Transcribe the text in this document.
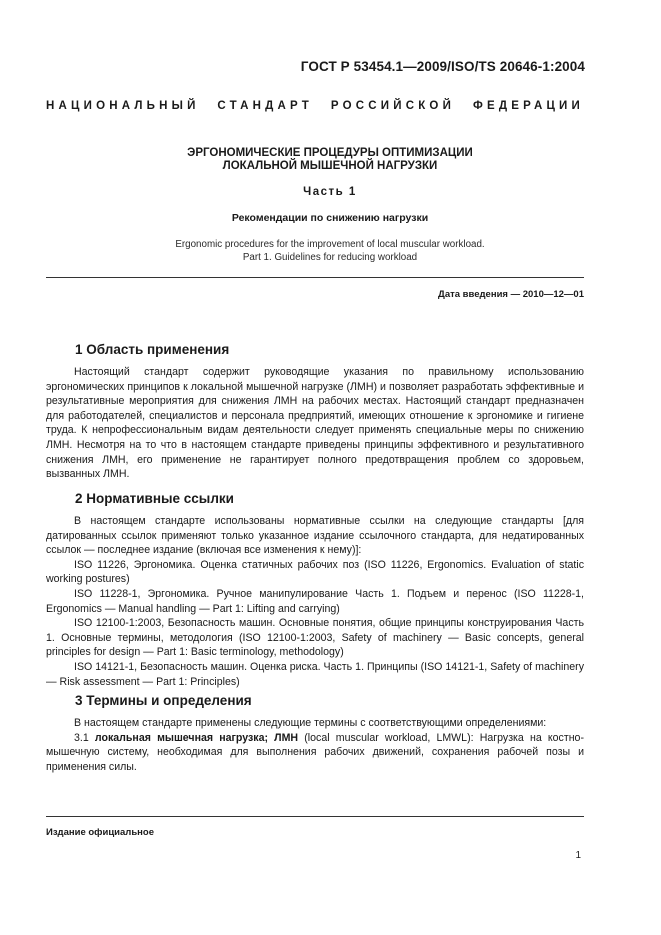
ГОСТ Р 53454.1—2009/ISO/TS 20646-1:2004
НАЦИОНАЛЬНЫЙ СТАНДАРТ РОССИЙСКОЙ ФЕДЕРАЦИИ
ЭРГОНОМИЧЕСКИЕ ПРОЦЕДУРЫ ОПТИМИЗАЦИИ
ЛОКАЛЬНОЙ МЫШЕЧНОЙ НАГРУЗКИ
Часть 1
Рекомендации по снижению нагрузки
Ergonomic procedures for the improvement of local muscular workload.
Part 1. Guidelines for reducing workload
Дата введения — 2010—12—01
1 Область применения

Настоящий стандарт содержит руководящие указания по правильному использованию эргономических принципов к локальной мышечной нагрузке (ЛМН) и позволяет разработать эффективные и результативные мероприятия для снижения ЛМН на рабочих местах. Настоящий стандарт предназначен для работодателей, специалистов и персонала предприятий, имеющих отношение к эргономике и гигиене труда. К непрофессиональным видам деятельности следует применять специальные меры по снижению ЛМН. Несмотря на то что в настоящем стандарте приведены принципы эффективного и результативного снижения ЛМН, его применение не гарантирует полного предотвращения проблем со здоровьем, вызванных ЛМН.

2 Нормативные ссылки

В настоящем стандарте использованы нормативные ссылки на следующие стандарты [для датированных ссылок применяют только указанное издание ссылочного стандарта, для недатированных ссылок — последнее издание (включая все изменения к нему)]:

ISO 11226, Эргономика. Оценка статичных рабочих поз (ISO 11226, Ergonomics. Evaluation of static working postures)

ISO 11228-1, Эргономика. Ручное манипулирование Часть 1. Подъем и перенос (ISO 11228-1, Ergonomics — Manual handling — Part 1: Lifting and carrying)

ISO 12100-1:2003, Безопасность машин. Основные понятия, общие принципы конструирования Часть 1. Основные термины, методология (ISO 12100-1:2003, Safety of machinery — Basic concepts, general principles for design — Part 1: Basic terminology, methodology)

ISO 14121-1, Безопасность машин. Оценка риска. Часть 1. Принципы (ISO 14121-1, Safety of machinery — Risk assessment — Part 1: Principles)

3 Термины и определения

В настоящем стандарте применены следующие термины с соответствующими определениями:

3.1 локальная мышечная нагрузка; ЛМН (local muscular workload, LMWL): Нагрузка на костно-мышечную систему, необходимая для выполнения рабочих движений, сохранения рабочей позы и применения силы.

Издание официальное
1
